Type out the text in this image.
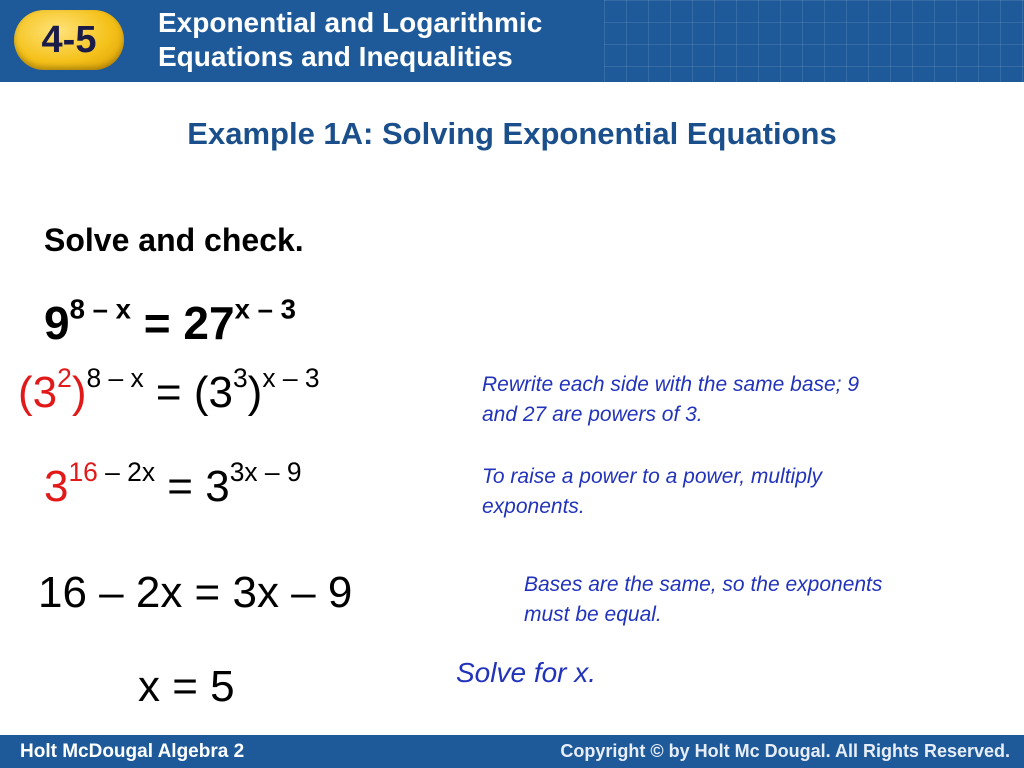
4-5	Exponential and Logarithmic
Equations and Inequalities
Example 1A: Solving Exponential Equations
Solve and check.
$9^{8 - x} = 27^{x - 3}$
$(3^2)^{8 - x} = (3^3)^{x - 3}$
$3^{16 - 2x} = 3^{3x - 9}$
16 – 2x = 3x – 9
x = 5
Rewrite each side with the same base; 9 and 27 are powers of 3.
To raise a power to a power, multiply exponents.
Bases are the same, so the exponents must be equal.
Solve for x.
Holt McDougal Algebra 2	Copyright © by Holt Mc Dougal. All Rights Reserved.
